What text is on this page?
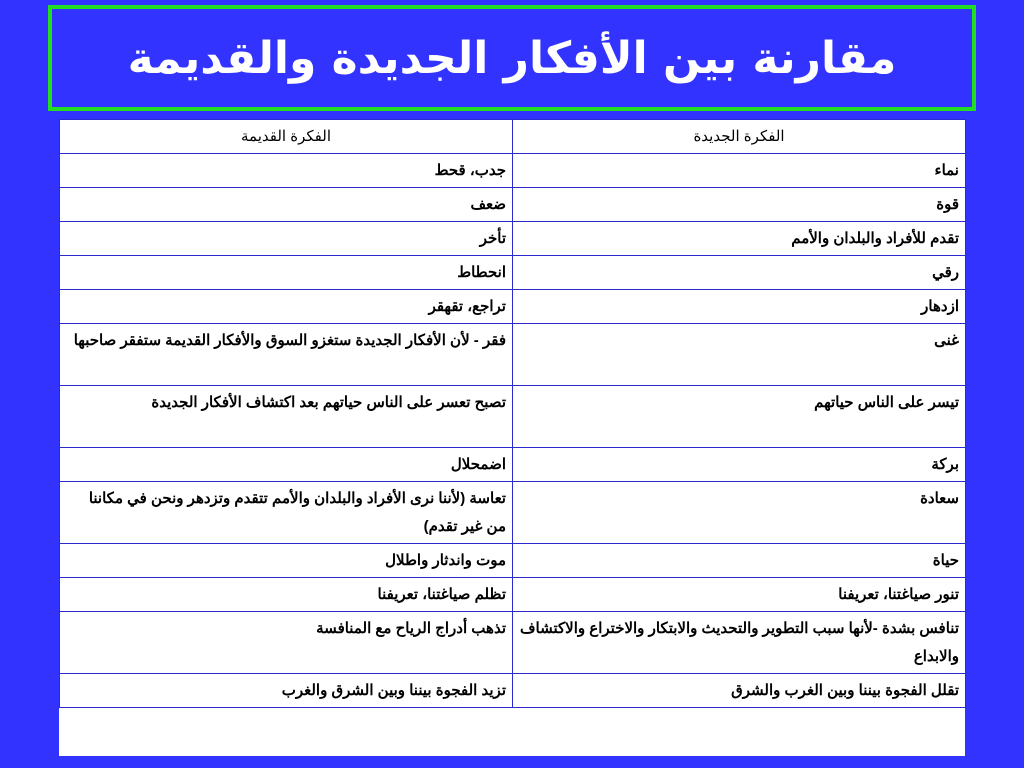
مقارنة بين الأفكار الجديدة والقديمة
الفكرة الجديدة	الفكرة القديمة
نماء	جدب، قحط
قوة	ضعف
تقدم للأفراد والبلدان والأمم	تأخر
رقي	انحطاط
ازدهار	تراجع، تقهقر
غنى	فقر - لأن الأفكار الجديدة ستغزو السوق والأفكار القديمة ستفقر صاحبها
تيسر على الناس حياتهم	تصبح تعسر على الناس حياتهم بعد اكتشاف الأفكار الجديدة
بركة	اضمحلال
سعادة	تعاسة (لأننا نرى الأفراد والبلدان والأمم تتقدم وتزدهر ونحن في مكاننا من غير تقدم)
حياة	موت واندثار واطلال
تنور صياغتنا، تعريفنا	تظلم صياغتنا، تعريفنا
تنافس بشدة -لأنها سبب التطوير والتحديث والابتكار والاختراع والاكتشاف والابداع	تذهب أدراج الرياح مع المنافسة
تقلل الفجوة بيننا وبين الغرب والشرق	تزيد الفجوة بيننا وبين الشرق والغرب
